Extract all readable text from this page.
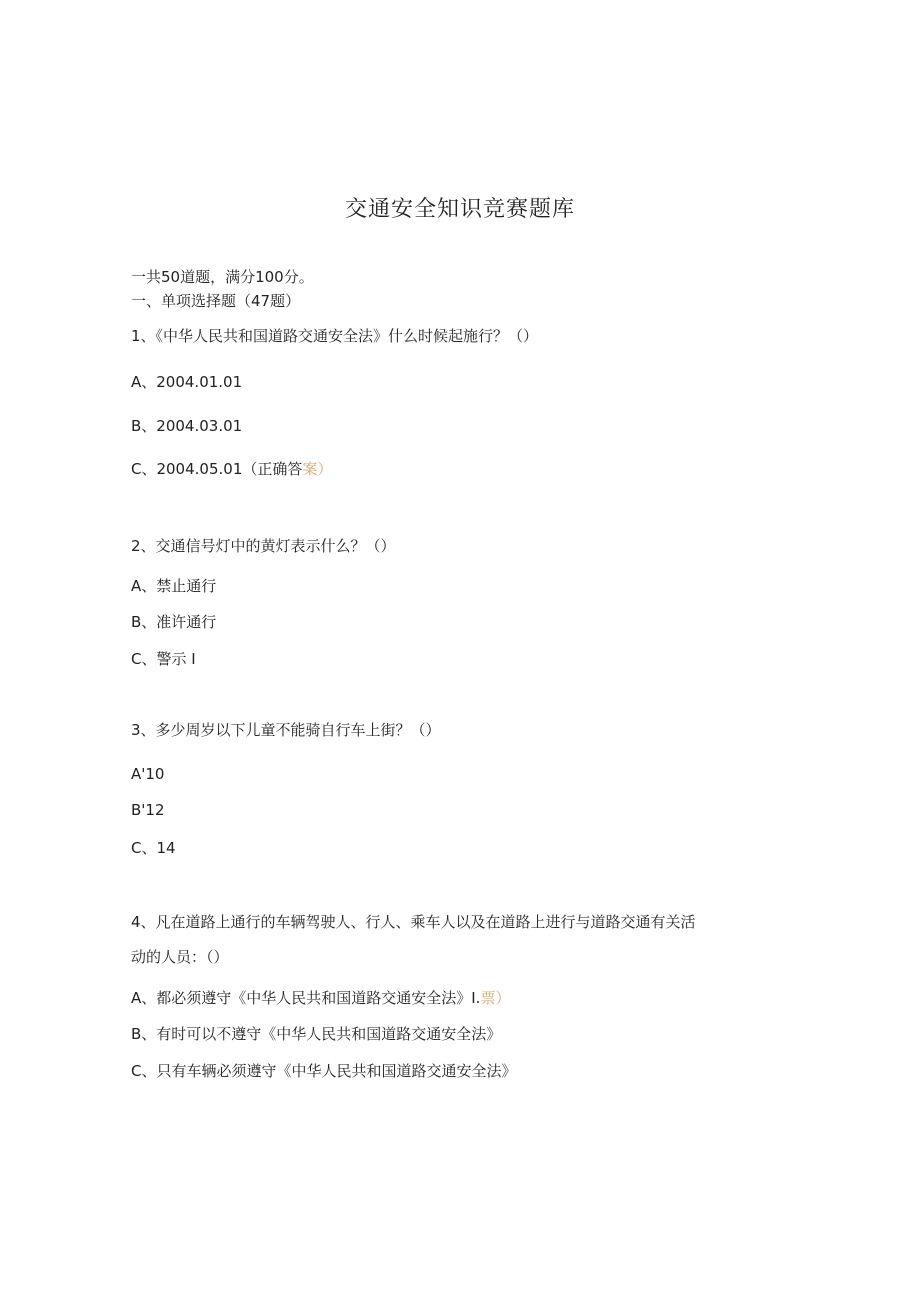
交通安全知识竞赛题库
一共50道题，满分100分。
一、单项选择题（47题）
1、《中华人民共和国道路交通安全法》什么时候起施行？（）
A、2004.01.01
B、2004.03.01
C、2004.05.01（正确答案）
2、交通信号灯中的黄灯表示什么？（）
A、禁止通行
B、准许通行
C、警示 I
3、多少周岁以下儿童不能骑自行车上街？（）
A'10
B'12
C、14
4、凡在道路上通行的车辆驾驶人、行人、乘车人以及在道路上进行与道路交通有关活
动的人员：（）
A、都必须遵守《中华人民共和国道路交通安全法》I.票）
B、有时可以不遵守《中华人民共和国道路交通安全法》
C、只有车辆必须遵守《中华人民共和国道路交通安全法》
